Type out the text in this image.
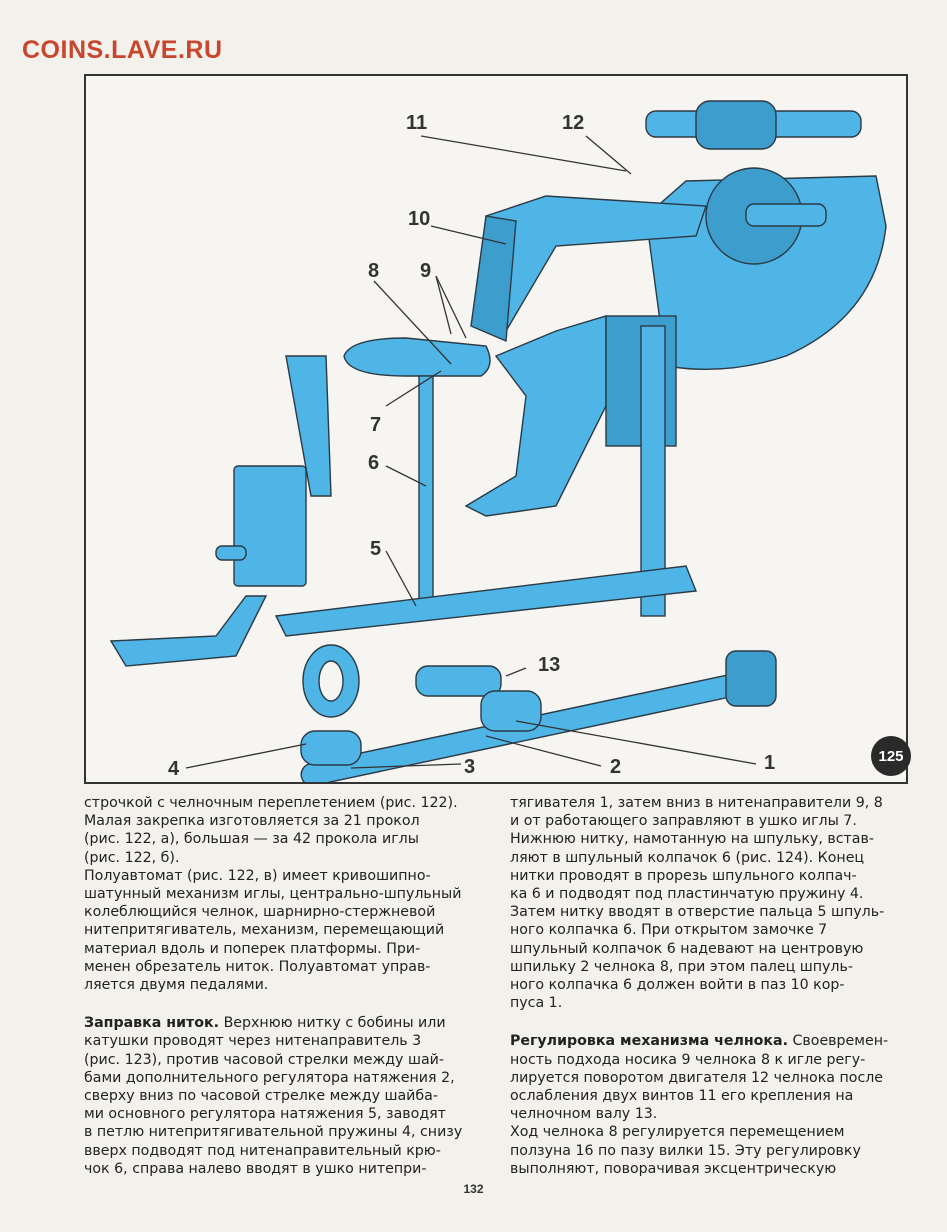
COINS.LAVE.RU
11	12
10
9
8
7
6
5
13
4	3	2	1	125

строчкой с челночным переплетением (рис. 122).

Малая закрепка изготовляется за 21 прокол

(рис. 122, а), большая — за 42 прокола иглы

(рис. 122, б).

Полуавтомат (рис. 122, в) имеет кривошипно-

шатунный механизм иглы, центрально-шпульный

колеблющийся челнок, шарнирно-стержневой

нитепритягиватель, механизм, перемещающий

материал вдоль и поперек платформы. При-

менен обрезатель ниток. Полуавтомат управ-

ляется двумя педалями.

Заправка ниток. Верхнюю нитку с бобины или

катушки проводят через нитенаправитель 3

(рис. 123), против часовой стрелки между шай-

бами дополнительного регулятора натяжения 2,

сверху вниз по часовой стрелке между шайба-

ми основного регулятора натяжения 5, заводят

в петлю нитепритягивательной пружины 4, снизу

вверх подводят под нитенаправительный крю-

чок 6, справа налево вводят в ушко нитепри-

тягивателя 1, затем вниз в нитенаправители 9, 8

и от работающего заправляют в ушко иглы 7.

Нижнюю нитку, намотанную на шпульку, встав-

ляют в шпульный колпачок 6 (рис. 124). Конец

нитки проводят в прорезь шпульного колпач-

ка 6 и подводят под пластинчатую пружину 4.

Затем нитку вводят в отверстие пальца 5 шпуль-

ного колпачка 6. При открытом замочке 7

шпульный колпачок 6 надевают на центровую

шпильку 2 челнока 8, при этом палец шпуль-

ного колпачка 6 должен войти в паз 10 кор-

пуса 1.

Регулировка механизма челнока. Своевремен-

ность подхода носика 9 челнока 8 к игле регу-

лируется поворотом двигателя 12 челнока после

ослабления двух винтов 11 его крепления на

челночном валу 13.

Ход челнока 8 регулируется перемещением

ползуна 16 по пазу вилки 15. Эту регулировку

выполняют, поворачивая эксцентрическую

132
